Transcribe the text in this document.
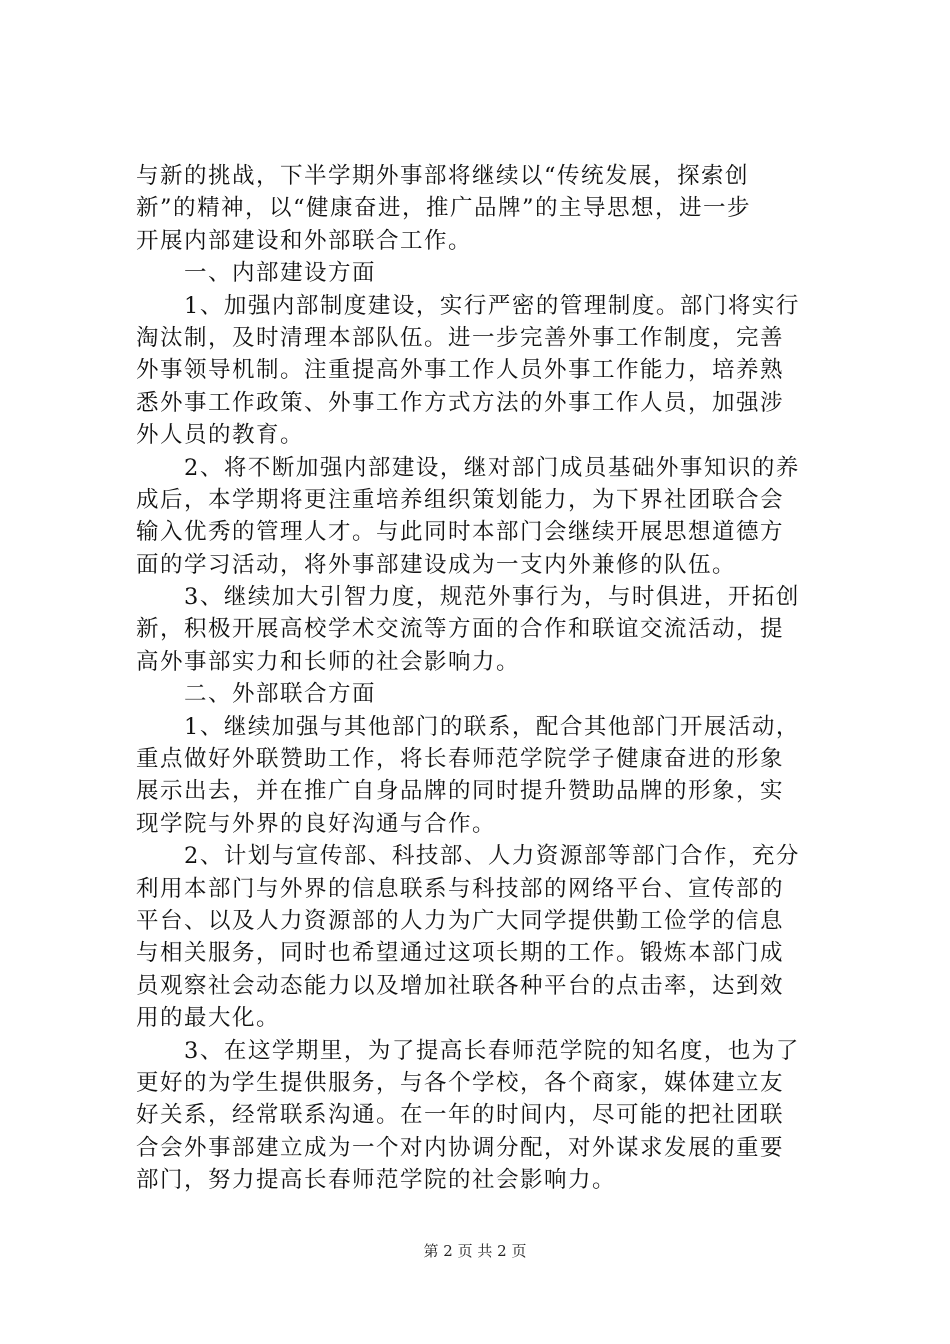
与新的挑战，下半学期外事部将继续以“传统发展，探索创
新”的精神，以“健康奋进，推广品牌”的主导思想，进一步
开展内部建设和外部联合工作。
　　一、内部建设方面
　　1、加强内部制度建设，实行严密的管理制度。部门将实行
淘汰制，及时清理本部队伍。进一步完善外事工作制度，完善
外事领导机制。注重提高外事工作人员外事工作能力，培养熟
悉外事工作政策、外事工作方式方法的外事工作人员，加强涉
外人员的教育。
　　2、将不断加强内部建设，继对部门成员基础外事知识的养
成后，本学期将更注重培养组织策划能力，为下界社团联合会
输入优秀的管理人才。与此同时本部门会继续开展思想道德方
面的学习活动，将外事部建设成为一支内外兼修的队伍。
　　3、继续加大引智力度，规范外事行为，与时俱进，开拓创
新，积极开展高校学术交流等方面的合作和联谊交流活动，提
高外事部实力和长师的社会影响力。
　　二、外部联合方面
　　1、继续加强与其他部门的联系，配合其他部门开展活动，
重点做好外联赞助工作，将长春师范学院学子健康奋进的形象
展示出去，并在推广自身品牌的同时提升赞助品牌的形象，实
现学院与外界的良好沟通与合作。
　　2、计划与宣传部、科技部、人力资源部等部门合作，充分
利用本部门与外界的信息联系与科技部的网络平台、宣传部的
平台、以及人力资源部的人力为广大同学提供勤工俭学的信息
与相关服务，同时也希望通过这项长期的工作。锻炼本部门成
员观察社会动态能力以及增加社联各种平台的点击率，达到效
用的最大化。
　　3、在这学期里，为了提高长春师范学院的知名度，也为了
更好的为学生提供服务，与各个学校，各个商家，媒体建立友
好关系，经常联系沟通。在一年的时间内，尽可能的把社团联
合会外事部建立成为一个对内协调分配，对外谋求发展的重要
部门，努力提高长春师范学院的社会影响力。
第 2 页 共 2 页
